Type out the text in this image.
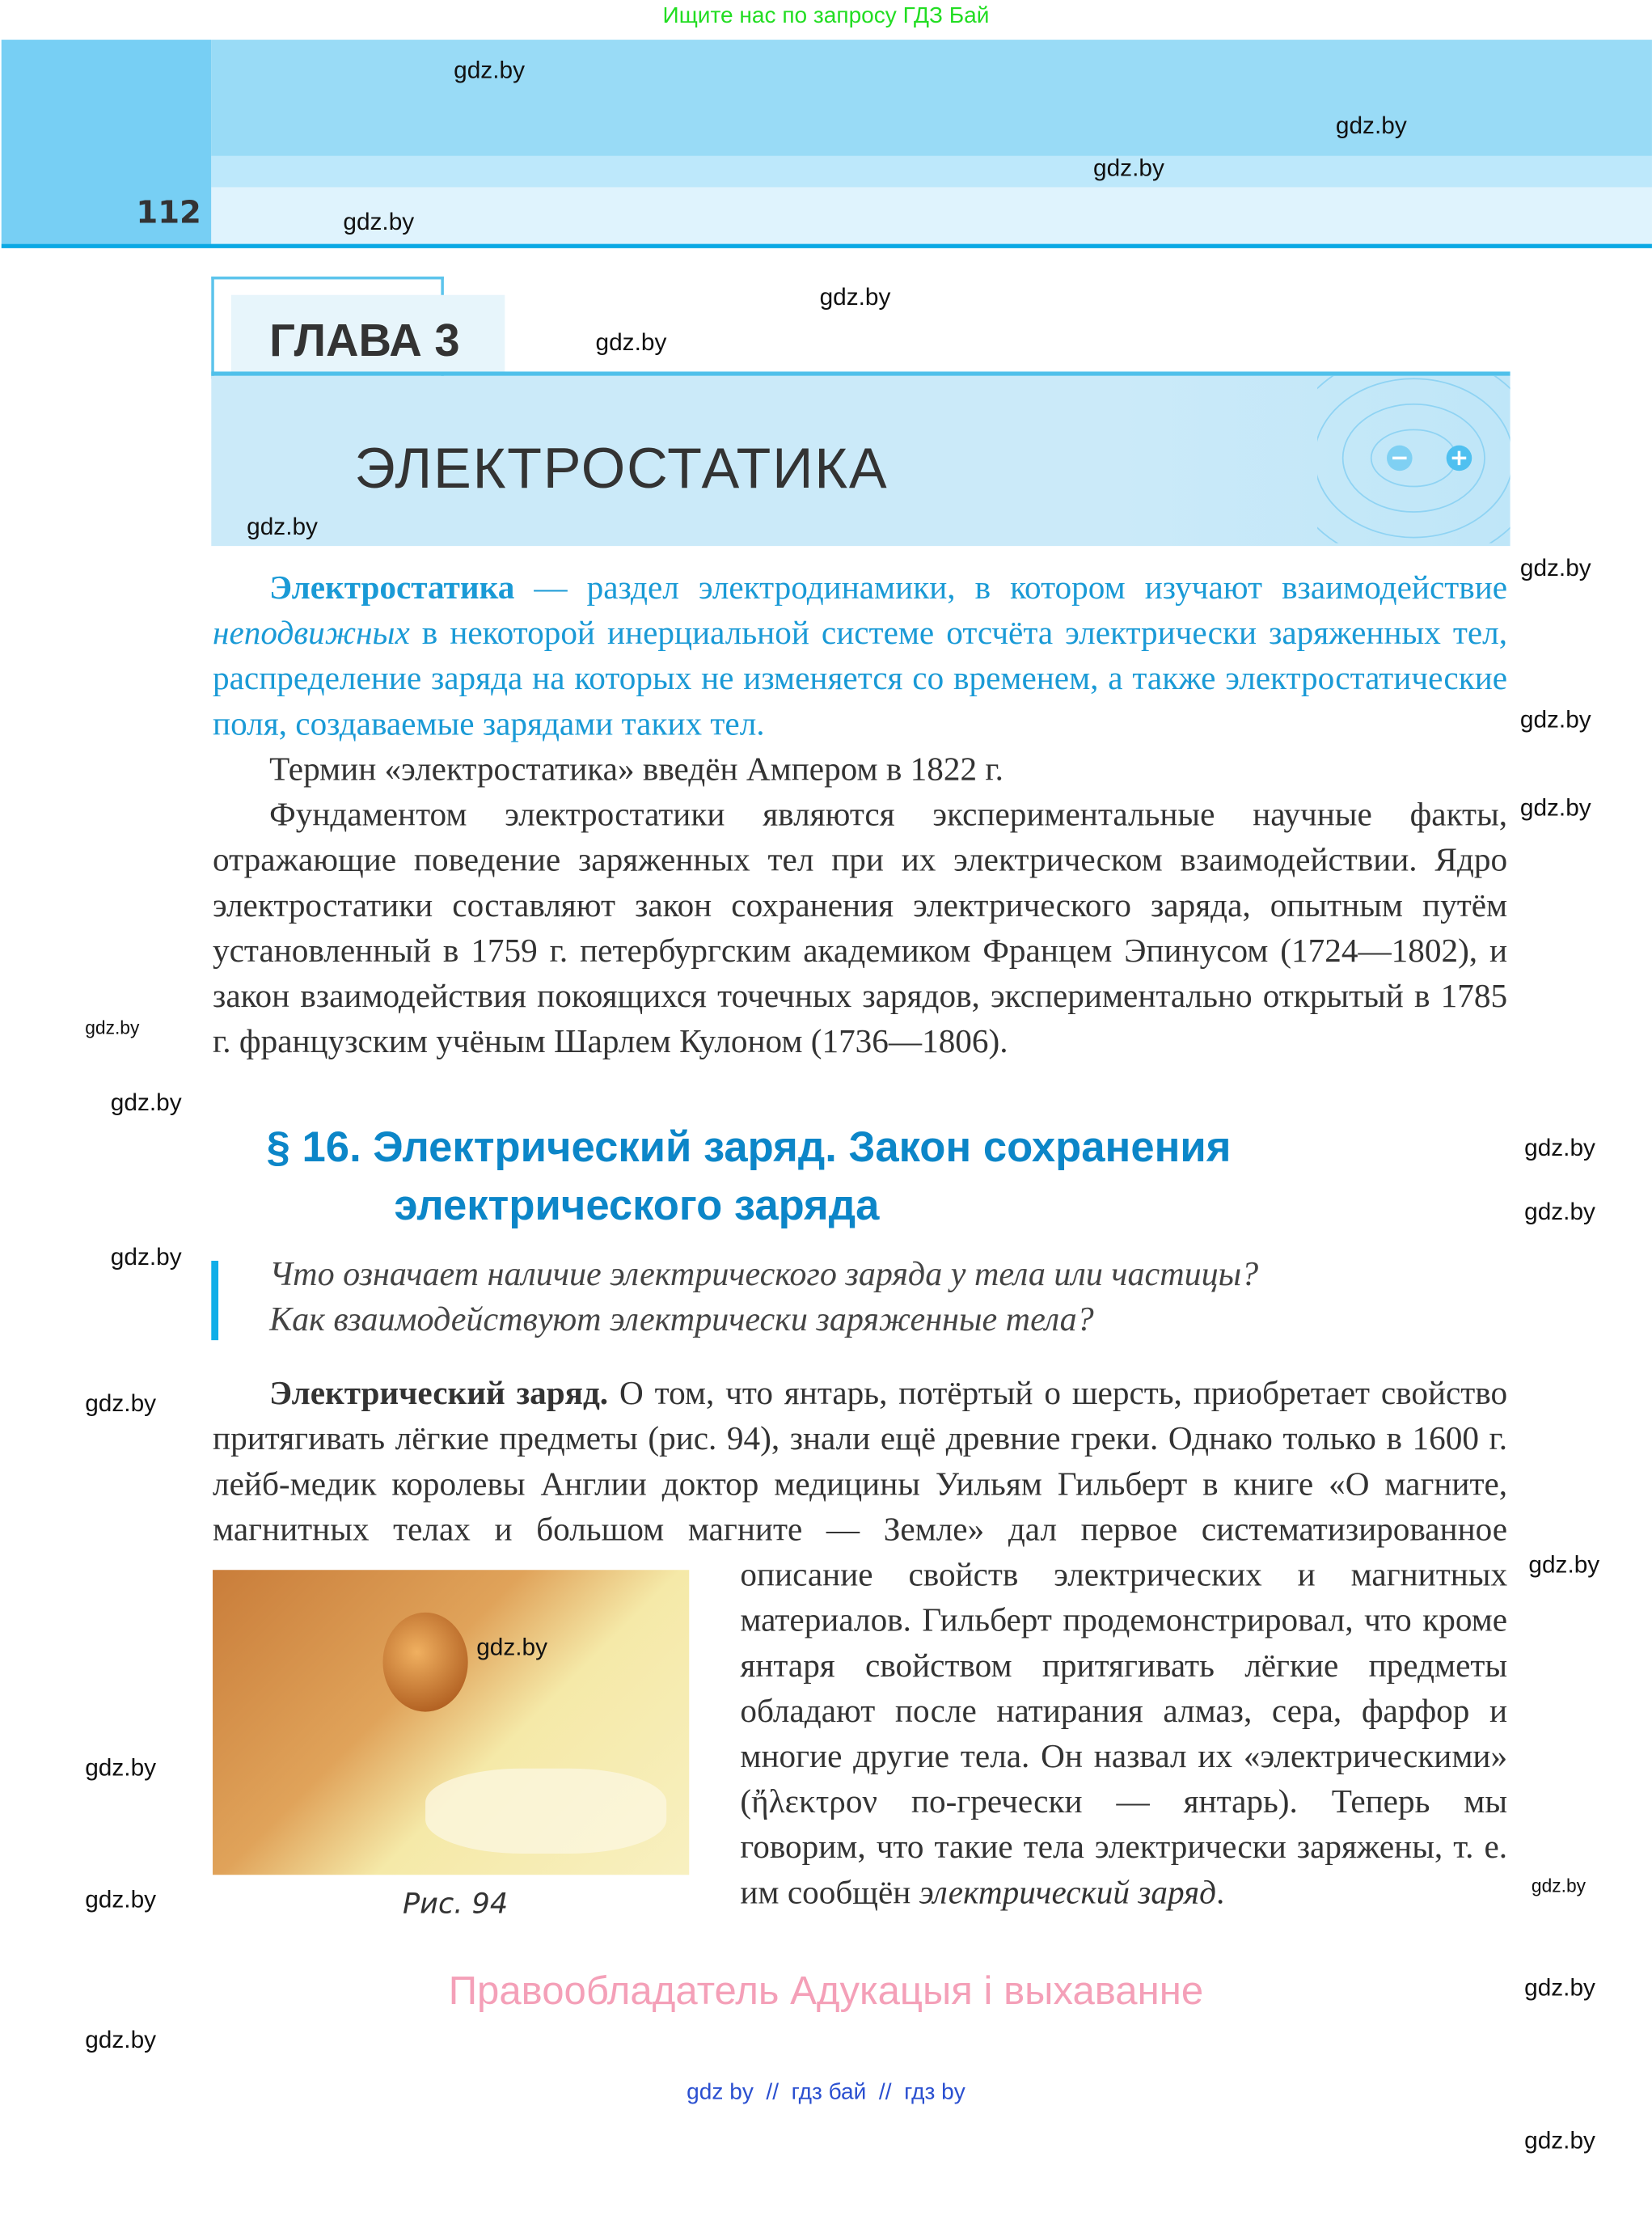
Ищите нас по запросу ГДЗ Бай
112
ГЛАВА 3
ЭЛЕКТРОСТАТИКА

Электростатика — раздел электродинамики, в котором изучают взаимодействие неподвижных в некоторой инерциальной системе отсчёта электрически заряженных тел, распределение заряда на которых не изменяется со временем, а также электростатические поля, создаваемые зарядами таких тел.

Термин «электростатика» введён Ампером в 1822 г.

Фундаментом электростатики являются экспериментальные научные факты, отражающие поведение заряженных тел при их электрическом взаимодействии. Ядро электростатики составляют закон сохранения электрического заряда, опытным путём установленный в 1759 г. петербургским академиком Францем Эпинусом (1724—1802), и закон взаимодействия покоящихся точечных зарядов, экспериментально открытый в 1785 г. французским учёным Шарлем Кулоном (1736—1806).

§ 16. Электрический заряд. Закон сохранения
электрического заряда
Что означает наличие электрического заряда у тела или частицы?
Как взаимодействуют электрически заряженные тела?
gdz.by
Рис. 94

Электрический заряд. О том, что янтарь, потёртый о шерсть, приобретает свойство притягивать лёгкие предметы (рис. 94), знали ещё древние греки. Однако только в 1600 г. лейб-медик королевы Англии доктор медицины Уильям Гильберт в книге «О магните, магнитных телах и большом магните — Земле» дал первое систематизированное описание свойств электрических и магнитных материалов. Гильберт продемонстрировал, что кроме янтаря свойством притягивать лёгкие предметы обладают после натирания алмаз, сера, фарфор и многие другие тела. Он назвал их «электрическими» (ἤλεκτρον по-гречески — янтарь). Теперь мы говорим, что такие тела электрически заряжены, т. е. им сообщён электрический заряд.

Правообладатель Адукацыя і выхаванне
gdz by  //  гдз бай  //  гдз by
gdz.by
gdz.by
gdz.by
gdz.by
gdz.by
gdz.by
gdz.by
gdz.by
gdz.by
gdz.by
gdz.by
gdz.by
gdz.by
gdz.by
gdz.by
gdz.by
gdz.by
gdz.by
gdz.by
gdz.by
gdz.by
gdz.by
gdz.by
